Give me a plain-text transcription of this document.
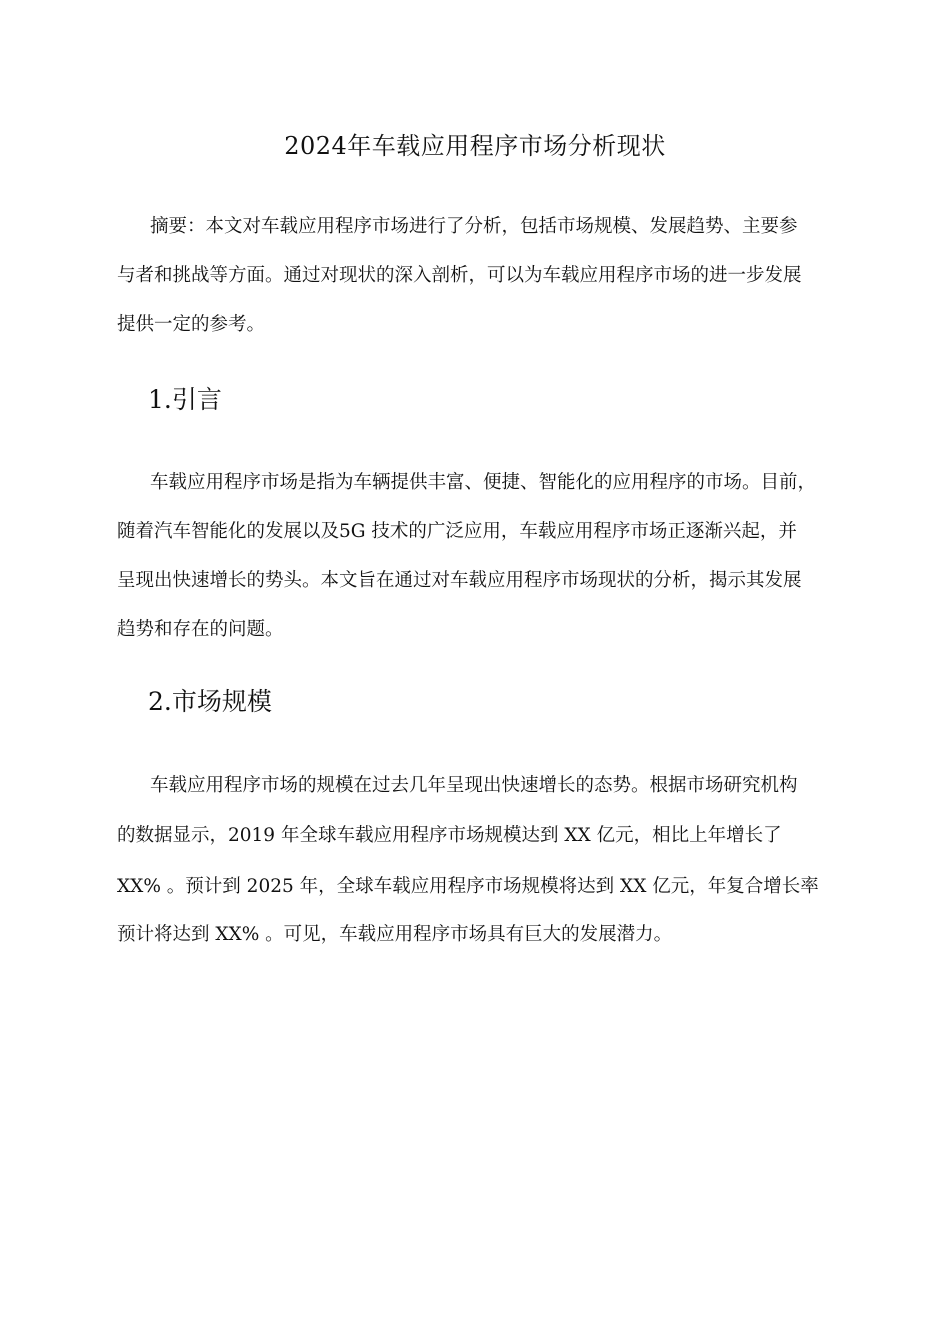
2024年车载应用程序市场分析现状
摘要：本文对车载应用程序市场进行了分析，包括市场规模、发展趋势、主要参
与者和挑战等方面。通过对现状的深入剖析，可以为车载应用程序市场的进一步发展
提供一定的参考。
1.引言
车载应用程序市场是指为车辆提供丰富、便捷、智能化的应用程序的市场。目前，
随着汽车智能化的发展以及5G 技术的广泛应用，车载应用程序市场正逐渐兴起，并
呈现出快速增长的势头。本文旨在通过对车载应用程序市场现状的分析，揭示其发展
趋势和存在的问题。
2.市场规模
车载应用程序市场的规模在过去几年呈现出快速增长的态势。根据市场研究机构
的数据显示，2019 年全球车载应用程序市场规模达到 XX 亿元，相比上年增长了
XX% 。预计到 2025 年，全球车载应用程序市场规模将达到 XX 亿元，年复合增长率
预计将达到 XX% 。可见，车载应用程序市场具有巨大的发展潜力。
